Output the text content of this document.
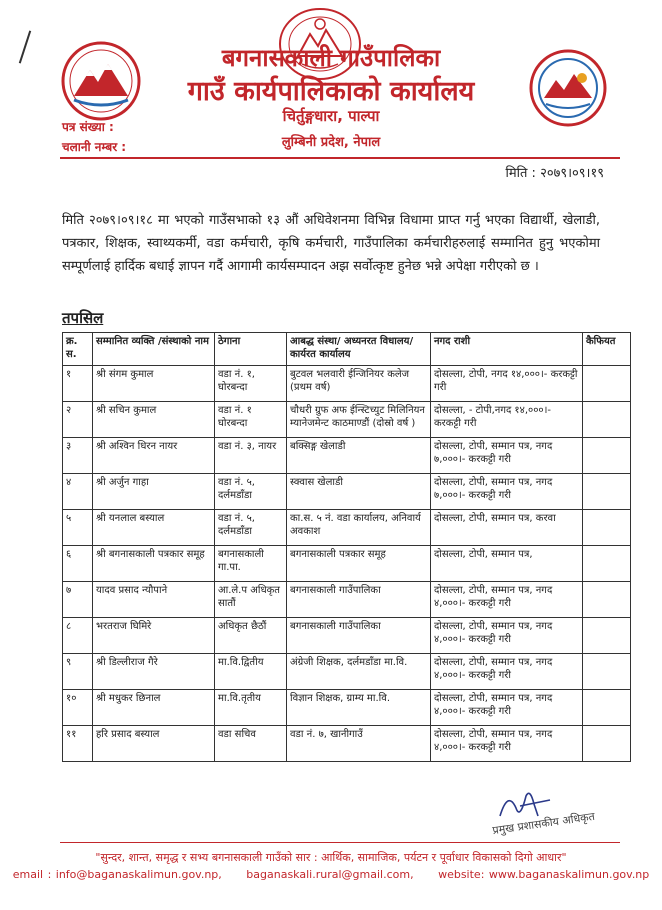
बगनासकाली गाउँपालिका
गाउँ कार्यपालिकाको कार्यालय
चिर्तुङ्गधारा, पाल्पा
लुम्बिनी प्रदेश, नेपाल
पत्र संख्या :
चलानी नम्बर :
मिति : २०७९।०९।१९
मिति २०७९।०९।१८ मा भएको गाउँसभाको १३ औं अधिवेशनमा विभिन्न विधामा प्राप्त गर्नु भएका विद्यार्थी, खेलाडी, पत्रकार, शिक्षक, स्वाथ्यकर्मी, वडा कर्मचारी, कृषि कर्मचारी, गाउँपालिका कर्मचारीहरुलाई सम्मानित हुनु भएकोमा सम्पूर्णलाई हार्दिक बधाई ज्ञापन गर्दै आगामी कार्यसम्पादन अझ सर्वोत्कृष्ट हुनेछ भन्ने अपेक्षा गरीएको छ ।
तपसिल
क्र. स.	सम्मानित व्यक्ति /संस्थाको नाम	ठेगाना	आबद्ध संस्था/ अध्यनरत विधालय/कार्यरत कार्यालय	नगद राशी	कैफियत
१	श्री संगम कुमाल	वडा नं. १, घोरबन्दा	बुटवल भलवारी ईन्जिनियर कलेज (प्रथम वर्ष)	दोसल्ला, टोपी, नगद १४,०००।- करकट्टी गरी	
२	श्री सचिन कुमाल	वडा नं. १ घोरबन्दा	चौधरी ग्रुफ अफ ईन्स्टिच्युट मिलिनियन म्यानेजमेन्ट काठमाण्डौं (दोस्रो वर्ष )	दोसल्ला, - टोपी,नगद १४,०००।- करकट्टी गरी	
३	श्री अश्विन धिरन नायर	वडा नं. ३, नायर	बक्सिङ्ग खेलाडी	दोसल्ला, टोपी, सम्मान पत्र, नगद ७,०००।- करकट्टी गरी	
४	श्री अर्जुन गाहा	वडा नं. ५, दर्लमडाँडा	स्क्वास खेलाडी	दोसल्ला, टोपी, सम्मान पत्र, नगद ७,०००।- करकट्टी गरी	
५	श्री यनलाल बस्याल	वडा नं. ५, दर्लमडाँडा	का.स. ५ नं. वडा कार्यालय, अनिवार्य अवकाश	दोसल्ला, टोपी, सम्मान पत्र, करवा	
६	श्री बगनासकाली पत्रकार समूह	बगनासकाली गा.पा.	बगनासकाली पत्रकार समूह	दोसल्ला, टोपी, सम्मान पत्र,	
७	यादव प्रसाद न्यौपाने	आ.ले.प अधिकृत सातौं	बगनासकाली गाउँपालिका	दोसल्ला, टोपी, सम्मान पत्र, नगद ४,०००।- करकट्टी गरी	
८	भरतराज घिमिरे	अधिकृत छैठौं	बगनासकाली गाउँपालिका	दोसल्ला, टोपी, सम्मान पत्र, नगद ४,०००।- करकट्टी गरी	
९	श्री डिल्लीराज गैरे	मा.वि.द्वितीय	अंग्रेजी शिक्षक, दर्लमडाँडा मा.वि.	दोसल्ला, टोपी, सम्मान पत्र, नगद ४,०००।- करकट्टी गरी	
१०	श्री मधुकर छिनाल	मा.वि.तृतीय	विज्ञान शिक्षक, ग्राम्य मा.वि.	दोसल्ला, टोपी, सम्मान पत्र, नगद ४,०००।- करकट्टी गरी	
११	हरि प्रसाद बस्याल	वडा सचिव	वडा नं. ७, खानीगाउँ	दोसल्ला, टोपी, सम्मान पत्र, नगद ४,०००।- करकट्टी गरी	
प्रमुख प्रशासकीय अधिकृत
"सुन्दर, शान्त, समृद्ध र सभ्य बगनासकाली गाउँको सार : आर्थिक, सामाजिक, पर्यटन र पूर्वाधार विकासको दिगो आधार"
email : info@baganaskalimun.gov.np, baganaskali.rural@gmail.com, website: www.baganaskalimun.gov.np
